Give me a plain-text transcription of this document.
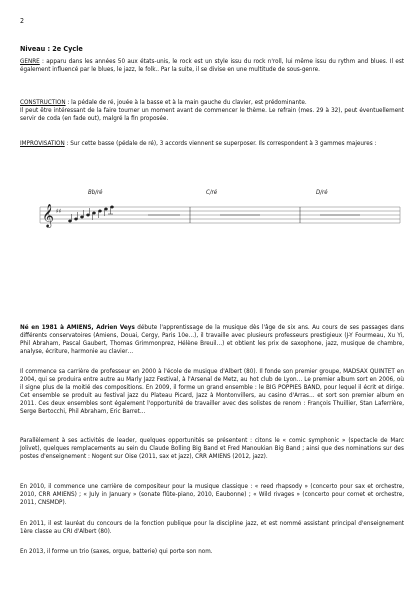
2
Niveau : 2e Cycle

GENRE : apparu dans les années 50 aux états-unis, le rock est un style issu du rock n'roll, lui même issu du rythm and blues. Il est également influencé par le blues, le jazz, le folk.. Par la suite, il se divise en une multitude de sous-genre.

CONSTRUCTION : la pédale de ré, jouée à la basse et à la main gauche du clavier, est prédominante.
Il peut être intéressant de la faire tourner un moment avant de commencer le thème. Le refrain (mes. 29 à 32), peut éventuellement servir de coda (en fade out), malgré la fin proposée.

IMPROVISATION : Sur cette basse (pédale de ré), 3 accords viennent se superposer. Ils correspondent à 3 gammes majeures :

𝄞 ♯♯
Bb/ré	C/ré	D/ré

Né en 1981 à AMIENS, Adrien Veys débute l'apprentissage de la musique dès l'âge de six ans. Au cours de ses passages dans différents conservatoires (Amiens, Douai, Cergy, Paris 10e…), il travaille avec plusieurs professeurs prestigieux (J-Y Fourmeau, Xu Yi, Phil Abraham, Pascal Gaubert, Thomas Grimmonprez, Hélène Breuil…) et obtient les prix de saxophone, jazz, musique de chambre, analyse, écriture, harmonie au clavier…

Il commence sa carrière de professeur en 2000 à l'école de musique d'Albert (80). Il fonde son premier groupe, MADSAX QUINTET en 2004, qui se produira entre autre au Marly Jazz Festival, à l'Arsenal de Metz, au hot club de Lyon… Le premier album sort en 2006, où il signe plus de la moitié des compositions. En 2009, il forme un grand ensemble : le BIG POPPIES BAND, pour lequel il écrit et dirige. Cet ensemble se produit au festival jazz du Plateau Picard, Jazz à Montonvillers, au casino d'Arras… et sort son premier album en 2011. Ces deux ensembles sont également l'opportunité de travailler avec des solistes de renom : François Thuillier, Stan Laferrière, Serge Bertocchi, Phil Abraham, Eric Barret…

Parallèlement à ses activités de leader, quelques opportunités se présentent : citons le « comic symphonic » (spectacle de Marc Jolivet), quelques remplacements au sein du Claude Bolling Big Band et Fred Manoukian Big Band ; ainsi que des nominations sur des postes d'enseignement : Nogent sur Oise (2011, sax et jazz), CRR AMIENS (2012, jazz).

En 2010, il commence une carrière de compositeur pour la musique classique : « reed rhapsody » (concerto pour sax et orchestre, 2010, CRR AMIENS) ; « July in January » (sonate flûte-piano, 2010, Eaubonne) ; « Wild rivages » (concerto pour cornet et orchestre, 2011, CNSMDP).

En 2011, il est lauréat du concours de la fonction publique pour la discipline jazz, et est nommé assistant principal d'enseignement 1ère classe au CRI d'Albert (80).

En 2013, il forme un trio (saxes, orgue, batterie) qui porte son nom.
